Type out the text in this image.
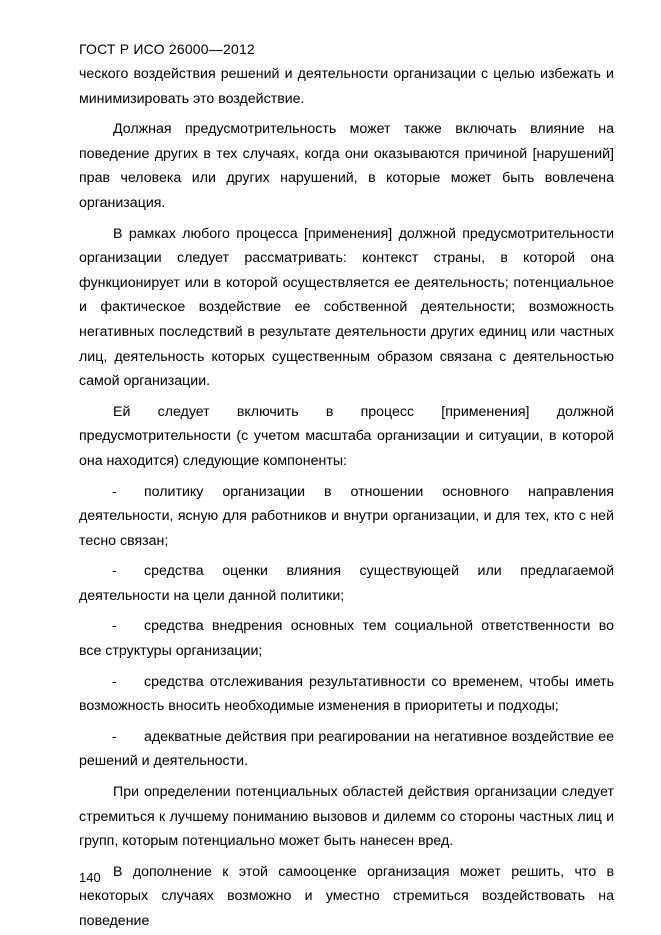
ГОСТ Р ИСО 26000—2012

ческого воздействия решений и деятельности организации с целью избежать и минимизировать это воздействие.

Должная предусмотрительность может также включать влияние на поведение других в тех случаях, когда они оказываются причиной [нарушений] прав человека или других нарушений, в которые может быть вовлечена организация.

В рамках любого процесса [применения] должной предусмотрительности организации следует рассматривать: контекст страны, в которой она функционирует или в которой осуществляется ее деятельность; потенциальное и фактическое воздействие ее собственной деятельности; возможность негативных последствий в результате деятельности других единиц или частных лиц, деятельность которых существенным образом связана с деятельностью самой организации.

Ей следует включить в процесс [применения] должной предусмотрительности (с учетом масштаба организации и ситуации, в которой она находится) следующие компоненты:

-	политику организации в отношении основного направления деятельности, ясную для работников и внутри организации, и для тех, кто с ней тесно связан;

-	средства оценки влияния существующей или предлагаемой деятельности на цели данной политики;

-	средства внедрения основных тем социальной ответственности во все структуры организации;

-	средства отслеживания результативности со временем, чтобы иметь возможность вносить необходимые изменения в приоритеты и подходы;

-	адекватные действия при реагировании на негативное воздействие ее решений и деятельности.

При определении потенциальных областей действия организации следует стремиться к лучшему пониманию вызовов и дилемм со стороны частных лиц и групп, которым потенциально может быть нанесен вред.

В дополнение к этой самооценке организация может решить, что в некоторых случаях возможно и уместно стремиться воздействовать на поведение

140
